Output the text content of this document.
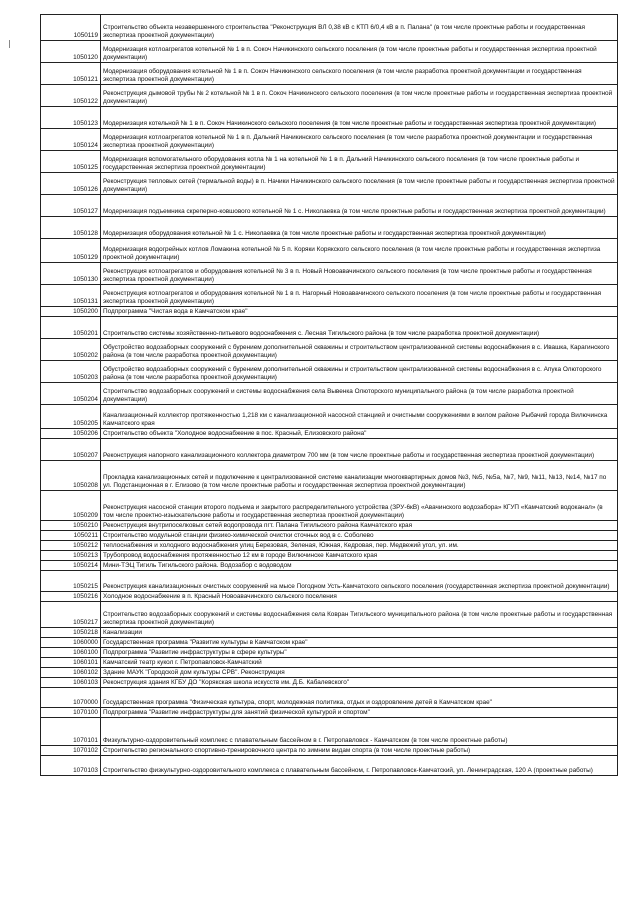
1050119	Строительство объекта незавершенного строительства "Реконструкция ВЛ 0,38 кВ с КТП 6/0,4 кВ в п. Палана" (в том числе проектные работы и государственная экспертиза проектной документации)
1050120	Модернизация котлоагрегатов котельной № 1 в п. Сокоч Начикинского сельского поселения (в том числе проектные работы и государственная экспертиза проектной документации)
1050121	Модернизация оборудования котельной № 1 в п. Сокоч Начикинского сельского поселения (в том числе разработка проектной документации и государственная экспертиза проектной документации)
1050122	Реконструкция дымовой трубы № 2 котельной № 1 в п. Сокоч Начикинского сельского поселения (в том числе проектные работы и государственная экспертиза проектной документации)
1050123	Модернизация котельной № 1 в п. Сокоч Начикинского сельского поселения (в том числе проектные работы и государственная экспертиза проектной документации)
1050124	Модернизация котлоагрегатов котельной № 1 в п. Дальний Начикинского сельского поселения (в том числе разработка проектной документации и государственная экспертиза проектной документации)
1050125	Модернизация вспомогательного оборудования котла № 1 на котельной № 1 в п. Дальний Начикинского сельского поселения (в том числе проектные работы и государственная экспертиза проектной документации)
1050126	Реконструкция тепловых сетей (термальной воды) в п. Начики Начикинского сельского поселения (в том числе проектные работы и государственная экспертиза проектной документации)
1050127	Модернизация подъемника скреперно-ковшового котельной № 1 с. Николаевка (в том числе проектные работы и государственная экспертиза проектной документации)
1050128	Модернизация оборудования котельной № 1 с. Николаевка (в том числе проектные работы и государственная экспертиза проектной документации)
1050129	Модернизация водогрейных котлов Ломакина котельной № 5 п. Коряки Корякского сельского поселения (в том числе проектные работы и государственная экспертиза проектной документации)
1050130	Реконструкция котлоагрегатов и оборудования котельной № 3 в п. Новый Новоавачинского сельского поселения (в том числе проектные работы и государственная экспертиза проектной документации)
1050131	Реконструкция котлоагрегатов и оборудования котельной № 1 в п. Нагорный Новоавачинского сельского поселения (в том числе проектные работы и государственная экспертиза проектной документации)
1050200	Подпрограмма "Чистая вода в Камчатском крае"
1050201	Строительство системы хозяйственно-питьевого водоснабжения с. Лесная Тигильского района (в том числе разработка проектной документации)
1050202	Обустройство водозаборных сооружений с бурением дополнительной скважины и строительством централизованной системы водоснабжения в с. Ивашка, Карагинского района (в том числе разработка проектной документации)
1050203	Обустройство водозаборных сооружений с бурением дополнительной скважины и строительством централизованной системы водоснабжения в с. Апука Олюторского района (в том числе разработка проектной документации)
1050204	Строительство водозаборных сооружений и системы водоснабжения села Вывенка Олюторского муниципального района (в том числе разработка проектной документации)
1050205	Канализационный коллектор протяженностью 1,218 км с канализационной насосной станцией и очистными сооружениями в жилом районе Рыбачий города Вилючинска Камчатского края
1050206	Строительство объекта "Холодное водоснабжение в пос. Красный, Елизовского района"
1050207	Реконструкция напорного канализационного коллектора диаметром 700 мм (в том числе проектные работы и государственная экспертиза проектной документации)
1050208	Прокладка канализационных сетей и подключение к централизованной системе канализации многоквартирных домов №3, №5, №5а, №7, №9, №11, №13, №14, №17 по ул. Подстанционная в г. Елизово (в том числе проектные работы и государственная экспертиза проектной документации)
1050209	Реконструкция насосной станции второго подъема и закрытого распределительного устройства (ЗРУ-6кВ) «Авачинского водозабора» КГУП «Камчатский водоканал» (в том числе проектно-изыскательские работы и государственная экспертиза проектной документации)
1050210	Реконструкция внутрипоселковых сетей водопровода пгт. Палана Тигильского района Камчатского края
1050211	Строительство модульной станции физико-химической очистки сточных вод в с. Соболево
1050212	теплоснабжения и холодного водоснабжения улиц Березовая, Зеленая, Южная, Кедровая, пер. Медвежий угол, ул. им.
1050213	Трубопровод водоснабжения протяженностью 12 км в городе Вилючинске Камчатского края
1050214	Мини-ТЭЦ Тигиль Тигильского района. Водозабор с водоводом
1050215	Реконструкция канализационных очистных сооружений на мысе Погодном Усть-Камчатского сельского поселения (государственная экспертиза проектной документации)
1050216	Холодное водоснабжение в п. Красный Новоавачинского сельского поселения
1050217	Строительство водозаборных сооружений и системы водоснабжения села Ковран Тигильского муниципального района (в том числе проектные работы и государственная экспертиза проектной документации)
1050218	Канализации
1060000	Государственная программа "Развитие культуры в Камчатском крае"
1060100	Подпрограмма "Развитие инфраструктуры в сфере культуры"
1060101	Камчатский театр кукол г. Петропавловск-Камчатский
1060102	Здание МАУК "Городской дом культуры СРВ". Реконструкция
1060103	Реконструкция здания КГБУ ДО "Корякская школа искусств им. Д.Б. Кабалевского"
1070000	Государственная программа "Физическая культура, спорт, молодежная политика, отдых и оздоровление детей в Камчатском крае"
1070100	Подпрограмма "Развитие инфраструктуры для занятий физической культурой и спортом"
1070101	Физкультурно-оздоровительный комплекс с плавательным бассейном в г. Петропавловск - Камчатском (в том числе проектные работы)
1070102	Строительство регионального спортивно-тренировочного центра по зимним видам спорта (в том числе проектные работы)
1070103	Строительство физкультурно-оздоровительного комплекса с плавательным бассейном, г. Петропавловск-Камчатский, ул. Ленинградская, 120 А (проектные работы)
